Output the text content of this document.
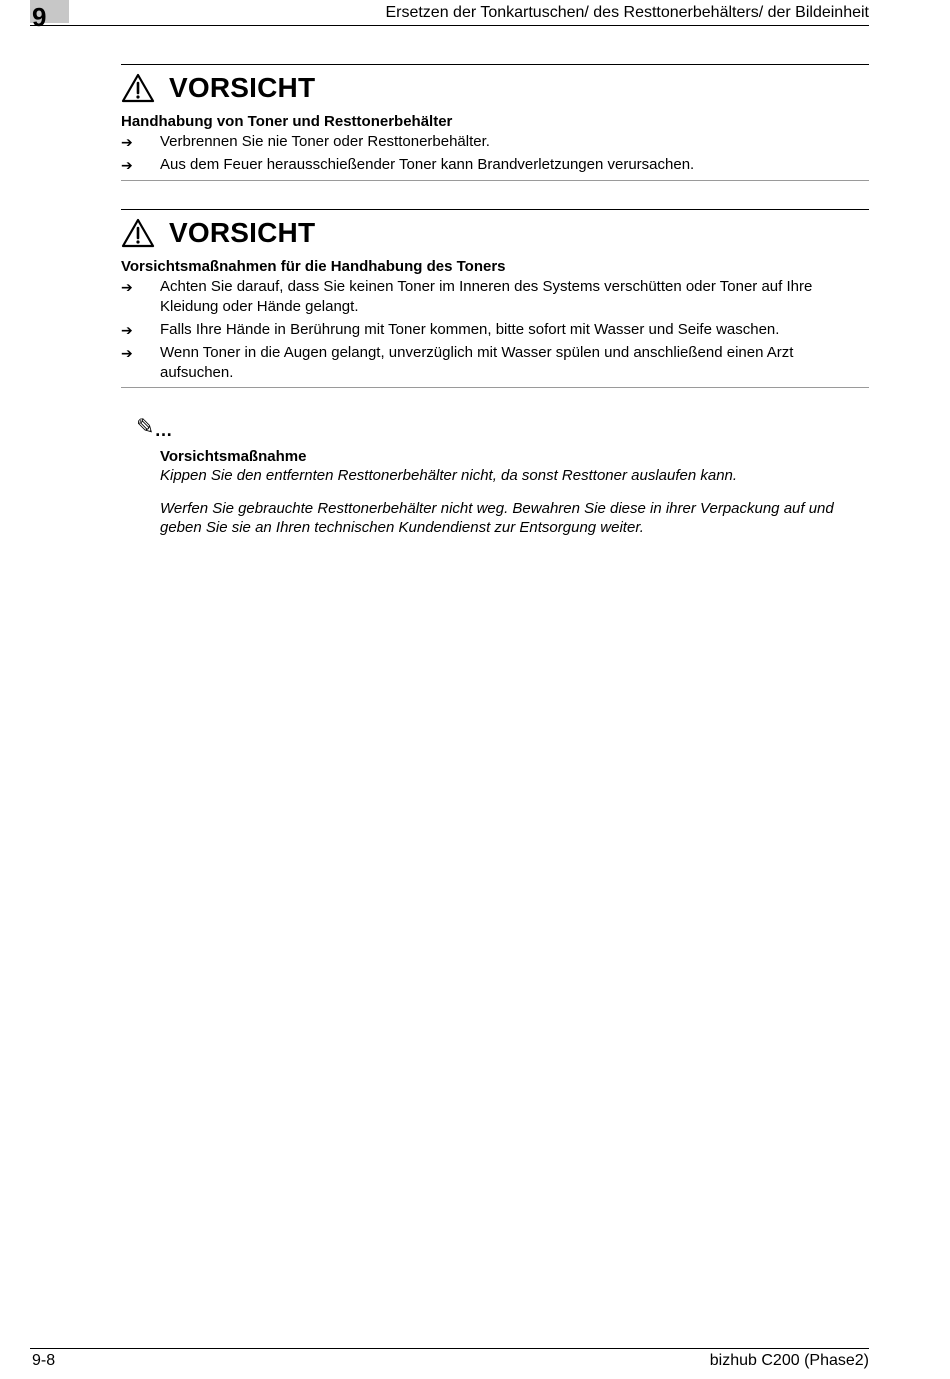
9	Ersetzen der Tonkartuschen/ des Resttonerbehälters/ der Bildeinheit
VORSICHT
Handhabung von Toner und Resttonerbehälter
➔	Verbrennen Sie nie Toner oder Resttonerbehälter.
➔	Aus dem Feuer herausschießender Toner kann Brandverletzungen verursachen.
VORSICHT
Vorsichtsmaßnahmen für die Handhabung des Toners
➔	Achten Sie darauf, dass Sie keinen Toner im Inneren des Systems verschütten oder Toner auf Ihre Kleidung oder Hände gelangt.
➔	Falls Ihre Hände in Berührung mit Toner kommen, bitte sofort mit Wasser und Seife waschen.
➔	Wenn Toner in die Augen gelangt, unverzüglich mit Wasser spülen und anschließend einen Arzt aufsuchen.
✎…
Vorsichtsmaßnahme
Kippen Sie den entfernten Resttonerbehälter nicht, da sonst Resttoner auslaufen kann.
Werfen Sie gebrauchte Resttonerbehälter nicht weg. Bewahren Sie diese in ihrer Verpackung auf und geben Sie sie an Ihren technischen Kundendienst zur Entsorgung weiter.
9-8	bizhub C200 (Phase2)
